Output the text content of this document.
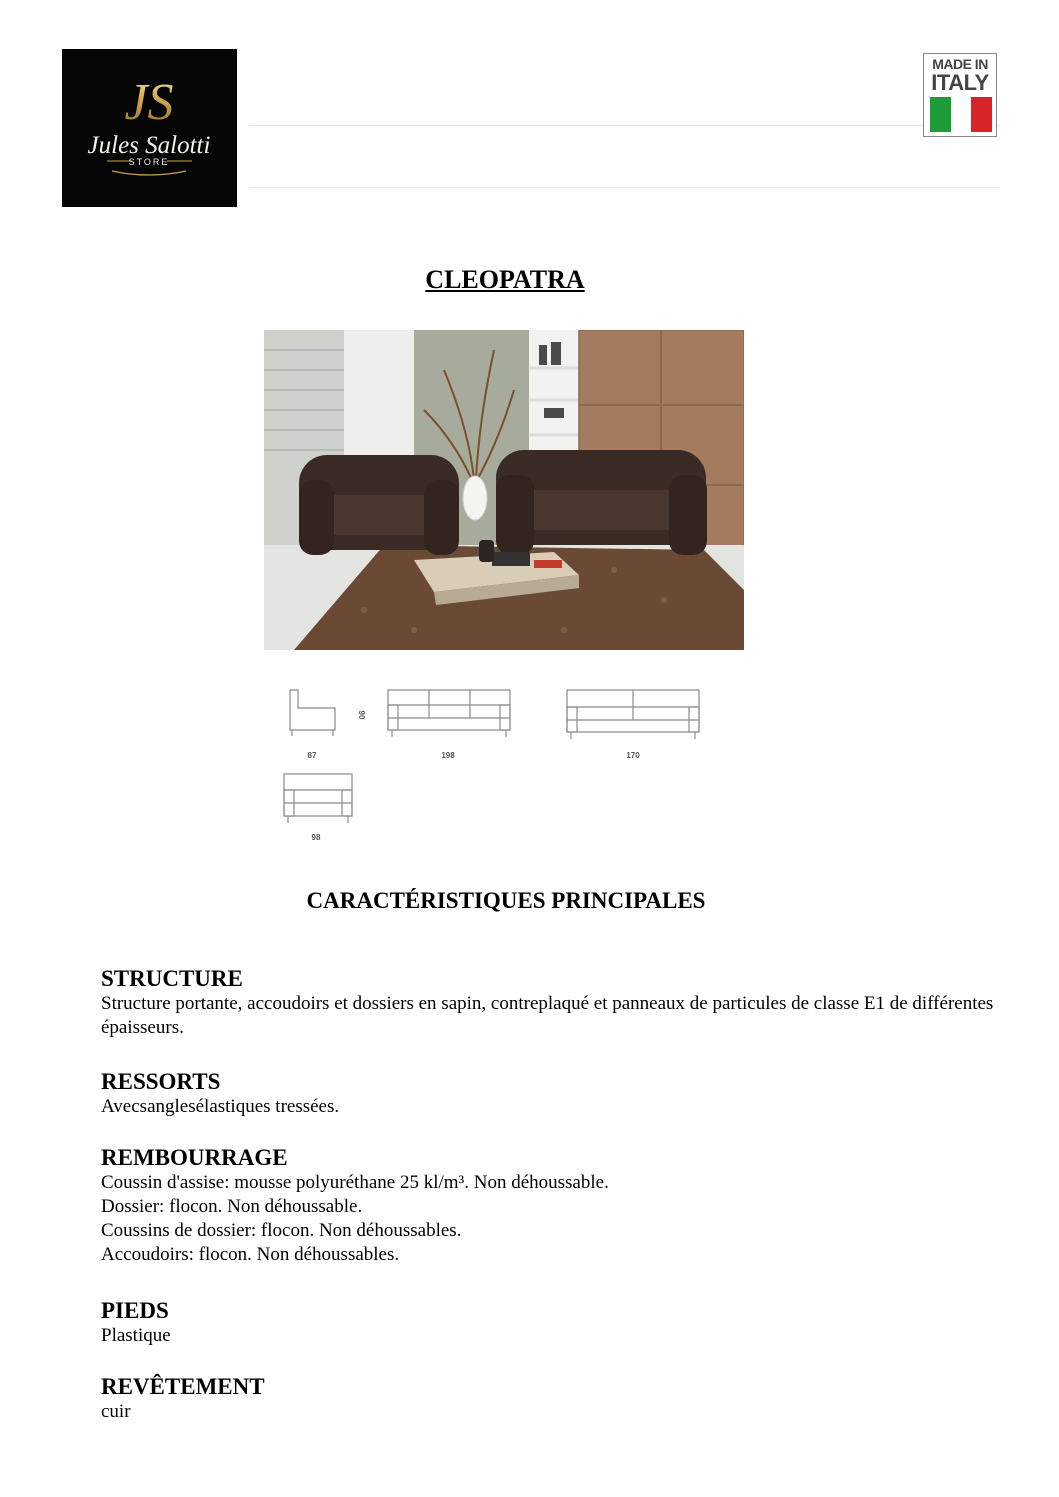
JS
Jules Salotti
STORE
MADE IN
ITALY
CLEOPATRA
87
90
198	170
98
CARACTÉRISTIQUES PRINCIPALES
STRUCTURE

Structure portante, accoudoirs et dossiers en sapin, contreplaqué et panneaux de particules de classe E1 de différentes épaisseurs.

RESSORTS

Avecsanglesélastiques tressées.

REMBOURRAGE

Coussin d'assise: mousse polyuréthane 25 kl/m³. Non déhoussable.

Dossier: flocon. Non déhoussable.

Coussins de dossier: flocon. Non déhoussables.

Accoudoirs: flocon. Non déhoussables.

PIEDS

Plastique

REVÊTEMENT

cuir
